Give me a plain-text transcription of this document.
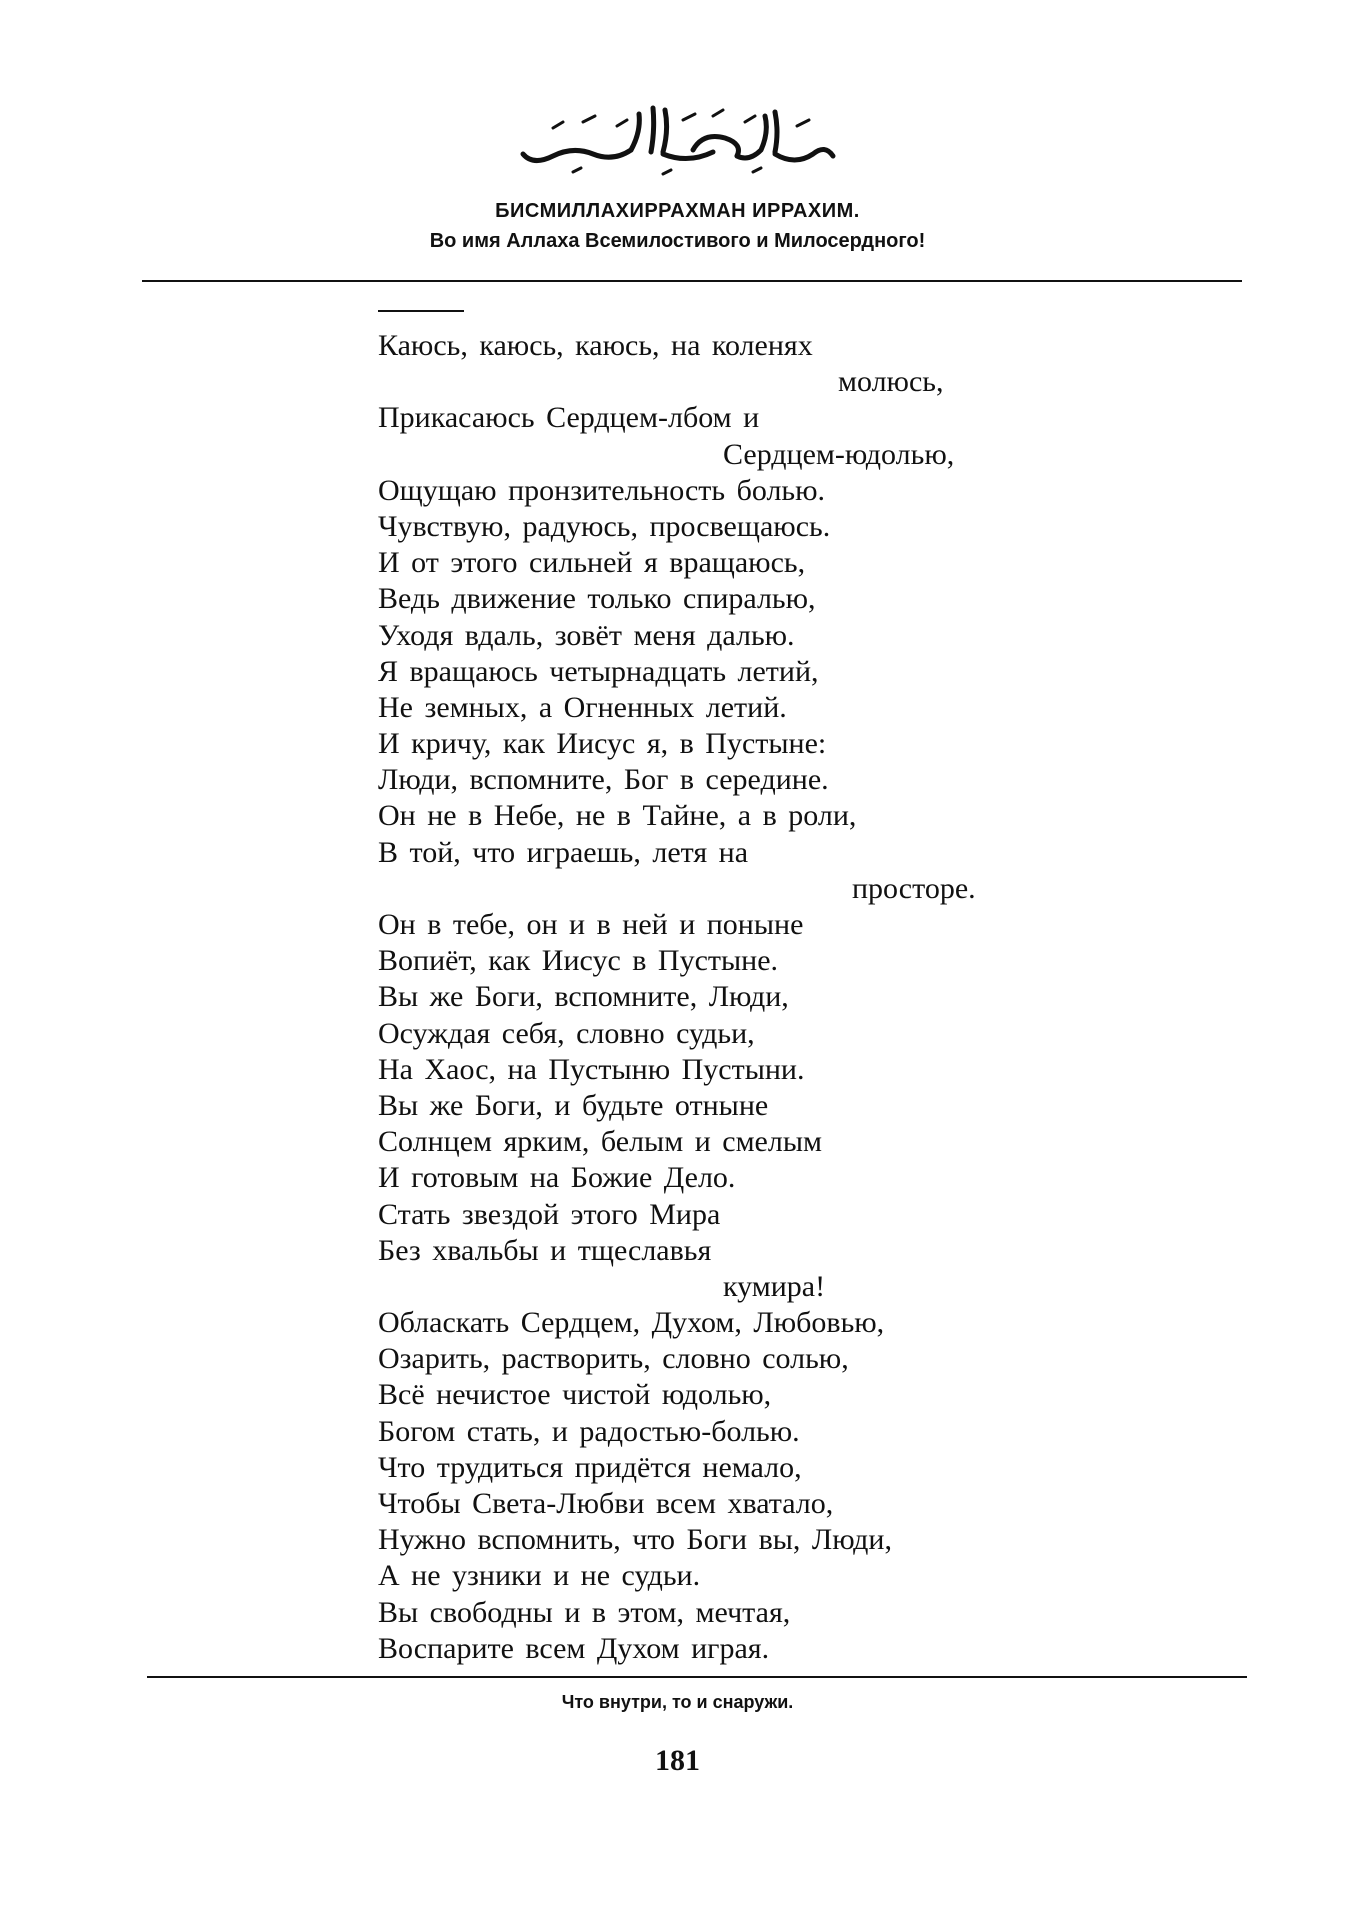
БИСМИЛЛАХИРРАХМАН ИРРАХИМ.
Во имя Аллаха Всемилостивого и Милосердного!
Каюсь, каюсь, каюсь, на коленях
молюсь,
Прикасаюсь Сердцем-лбом и
Сердцем-юдолью,
Ощущаю пронзительность болью.
Чувствую, радуюсь, просвещаюсь.
И от этого сильней я вращаюсь,
Ведь движение только спиралью,
Уходя вдаль, зовёт меня далью.
Я вращаюсь четырнадцать летий,
Не земных, а Огненных летий.
И кричу, как Иисус я, в Пустыне:
Люди, вспомните, Бог в середине.
Он не в Небе, не в Тайне, а в роли,
В той, что играешь, летя на
просторе.
Он в тебе, он и в ней и понынe
Вопиёт, как Иисус в Пустыне.
Вы же Боги, вспомните, Люди,
Осуждая себя, словно судьи,
На Хаос, на Пустыню Пустыни.
Вы же Боги, и будьте отныне
Солнцем ярким, белым и смелым
И готовым на Божие Дело.
Стать звездой этого Мира
Без хвальбы и тщеславья
кумира!
Обласкать Сердцем, Духом, Любовью,
Озарить, растворить, словно солью,
Всё нечистое чистой юдолью,
Богом стать, и радостью-болью.
Что трудиться придётся немало,
Чтобы Света-Любви всем хватало,
Нужно вспомнить, что Боги вы, Люди,
А не узники и не судьи.
Вы свободны и в этом, мечтая,
Воспарите всем Духом играя.
Что внутри, то и снаружи.
181
